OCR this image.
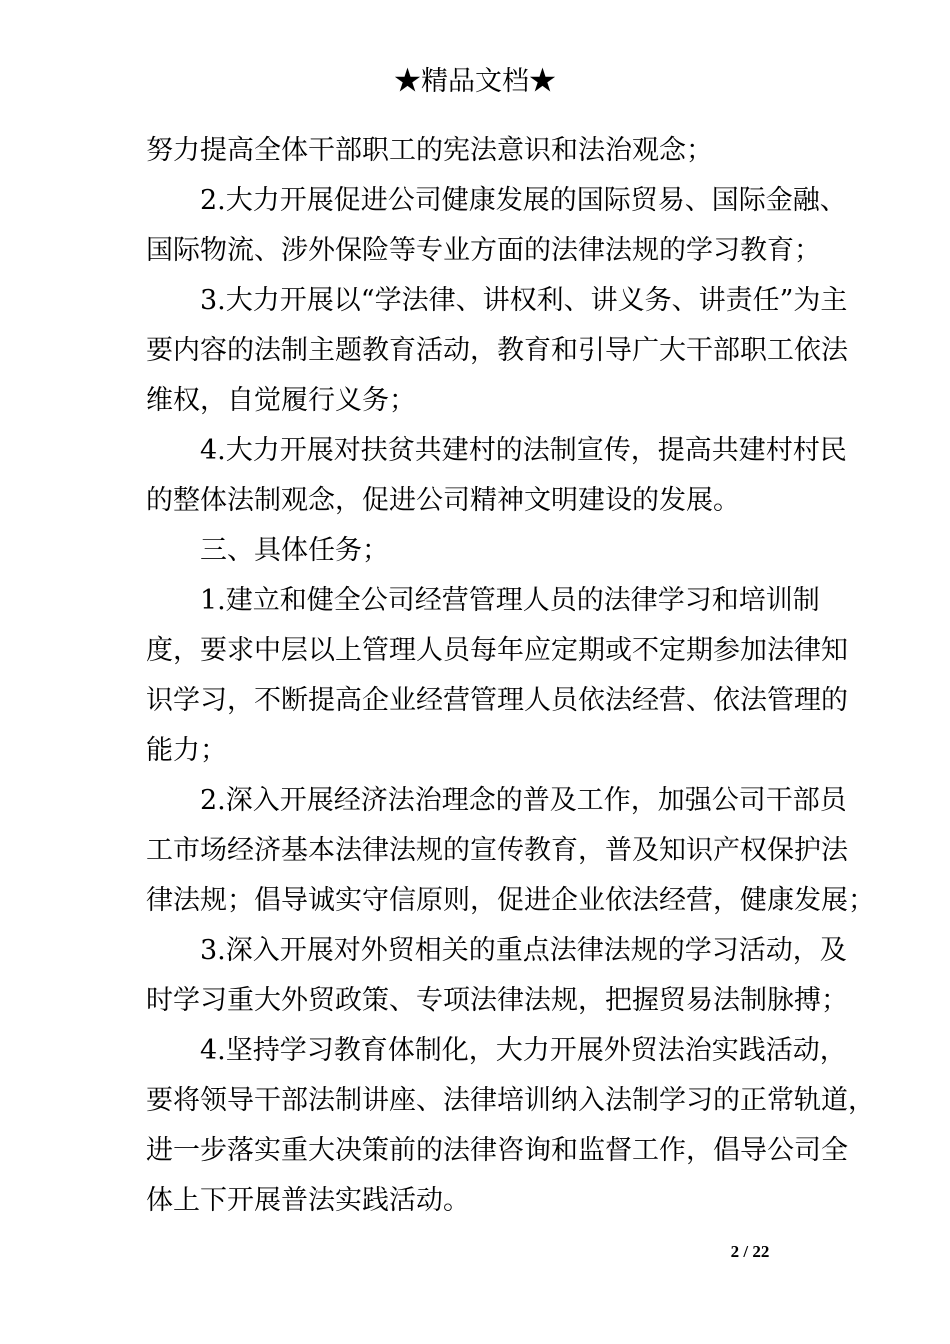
★精品文档★
努力提高全体干部职工的宪法意识和法治观念；
2.大力开展促进公司健康发展的国际贸易、国际金融、
国际物流、涉外保险等专业方面的法律法规的学习教育；
3.大力开展以“学法律、讲权利、讲义务、讲责任”为主
要内容的法制主题教育活动，教育和引导广大干部职工依法
维权，自觉履行义务；
4.大力开展对扶贫共建村的法制宣传，提高共建村村民
的整体法制观念，促进公司精神文明建设的发展。
三、具体任务；
1.建立和健全公司经营管理人员的法律学习和培训制
度，要求中层以上管理人员每年应定期或不定期参加法律知
识学习，不断提高企业经营管理人员依法经营、依法管理的
能力；
2.深入开展经济法治理念的普及工作，加强公司干部员
工市场经济基本法律法规的宣传教育，普及知识产权保护法
律法规；倡导诚实守信原则，促进企业依法经营，健康发展；
3.深入开展对外贸相关的重点法律法规的学习活动，及
时学习重大外贸政策、专项法律法规，把握贸易法制脉搏；
4.坚持学习教育体制化，大力开展外贸法治实践活动，
要将领导干部法制讲座、法律培训纳入法制学习的正常轨道，
进一步落实重大决策前的法律咨询和监督工作，倡导公司全
体上下开展普法实践活动。
2 / 22
